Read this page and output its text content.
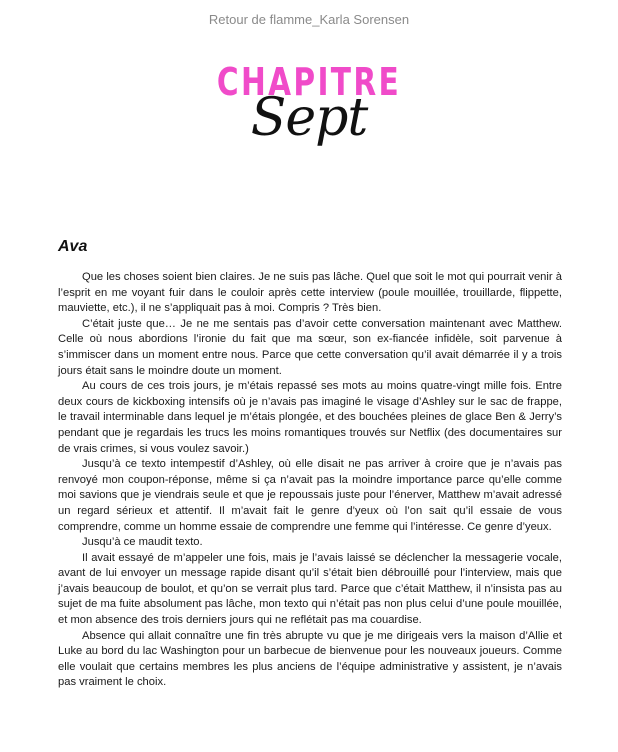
Retour de flamme_Karla Sorensen
CHAPITRE
Sept
Ava

Que les choses soient bien claires. Je ne suis pas lâche. Quel que soit le mot qui pourrait venir à l’esprit en me voyant fuir dans le couloir après cette interview (poule mouillée, trouillarde, flippette, mauviette, etc.), il ne s’appliquait pas à moi. Compris ? Très bien.

C’était juste que… Je ne me sentais pas d’avoir cette conversation maintenant avec Matthew. Celle où nous abordions l’ironie du fait que ma sœur, son ex-fiancée infidèle, soit parvenue à s’immiscer dans un moment entre nous. Parce que cette conversation qu’il avait démarrée il y a trois jours était sans le moindre doute un moment.

Au cours de ces trois jours, je m’étais repassé ses mots au moins quatre-vingt mille fois. Entre deux cours de kickboxing intensifs où je n’avais pas imaginé le visage d’Ashley sur le sac de frappe, le travail interminable dans lequel je m’étais plongée, et des bouchées pleines de glace Ben & Jerry’s pendant que je regardais les trucs les moins romantiques trouvés sur Netflix (des documentaires sur de vrais crimes, si vous voulez savoir.)

Jusqu’à ce texto intempestif d’Ashley, où elle disait ne pas arriver à croire que je n’avais pas renvoyé mon coupon-réponse, même si ça n’avait pas la moindre importance parce qu’elle comme moi savions que je viendrais seule et que je repoussais juste pour l’énerver, Matthew m’avait adressé un regard sérieux et attentif. Il m’avait fait le genre d’yeux où l’on sait qu’il essaie de vous comprendre, comme un homme essaie de comprendre une femme qui l’intéresse. Ce genre d’yeux.

Jusqu’à ce maudit texto.

Il avait essayé de m’appeler une fois, mais je l’avais laissé se déclencher la messagerie vocale, avant de lui envoyer un message rapide disant qu’il s’était bien débrouillé pour l’interview, mais que j’avais beaucoup de boulot, et qu’on se verrait plus tard. Parce que c’était Matthew, il n’insista pas au sujet de ma fuite absolument pas lâche, mon texto qui n’était pas non plus celui d’une poule mouillée, et mon absence des trois derniers jours qui ne reflétait pas ma couardise.

Absence qui allait connaître une fin très abrupte vu que je me dirigeais vers la maison d’Allie et Luke au bord du lac Washington pour un barbecue de bienvenue pour les nouveaux joueurs. Comme elle voulait que certains membres les plus anciens de l’équipe administrative y assistent, je n’avais pas vraiment le choix.
